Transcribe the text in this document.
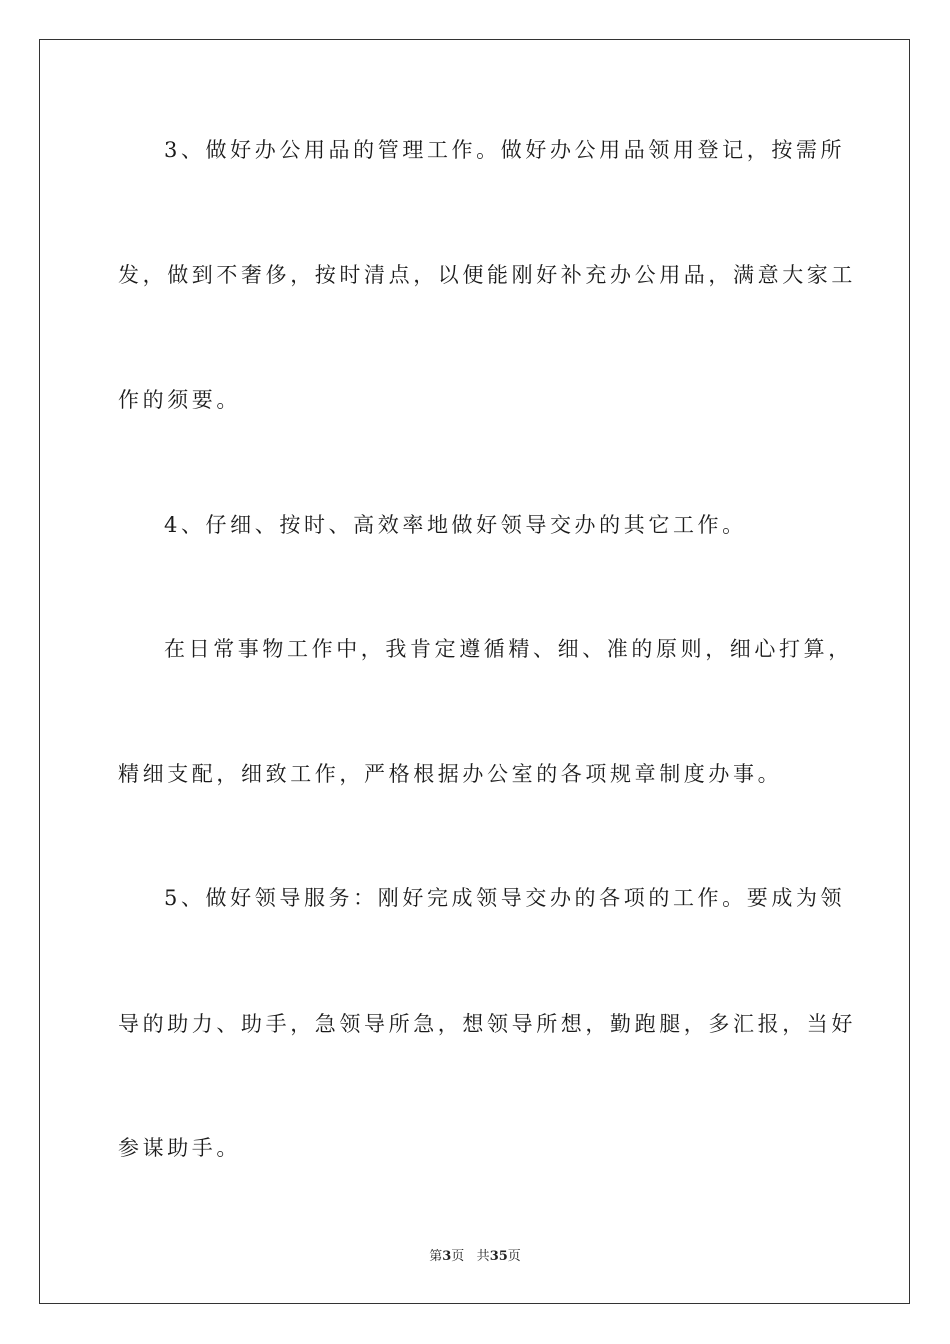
3、做好办公用品的管理工作。做好办公用品领用登记，按需所
发，做到不奢侈，按时清点，以便能刚好补充办公用品，满意大家工
作的须要。
4、仔细、按时、高效率地做好领导交办的其它工作。
在日常事物工作中，我肯定遵循精、细、准的原则，细心打算，
精细支配，细致工作，严格根据办公室的各项规章制度办事。
5、做好领导服务：刚好完成领导交办的各项的工作。要成为领
导的助力、助手，急领导所急，想领导所想，勤跑腿，多汇报，当好
参谋助手。
第3页 共35页
